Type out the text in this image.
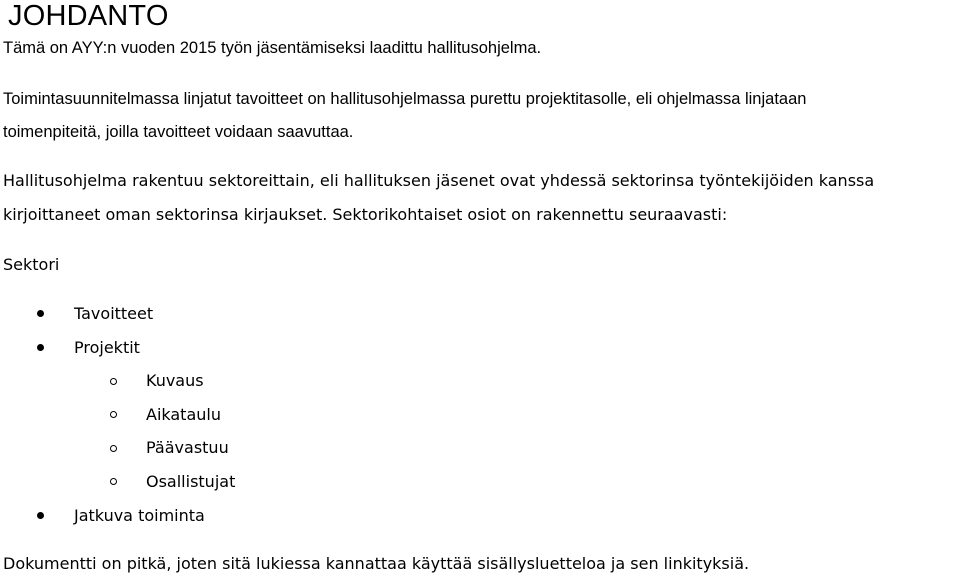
JOHDANTO

Tämä on AYY:n vuoden 2015 työn jäsentämiseksi laadittu hallitusohjelma.

Toimintasuunnitelmassa linjatut tavoitteet on hallitusohjelmassa purettu projektitasolle, eli ohjelmassa linjataan

toimenpiteitä, joilla tavoitteet voidaan saavuttaa.

Hallitusohjelma rakentuu sektoreittain, eli hallituksen jäsenet ovat yhdessä sektorinsa työntekijöiden kanssa

kirjoittaneet oman sektorinsa kirjaukset. Sektorikohtaiset osiot on rakennettu seuraavasti:

Sektori

Tavoitteet
Projektit
Kuvaus
Aikataulu
Päävastuu
Osallistujat
Jatkuva toiminta

Dokumentti on pitkä, joten sitä lukiessa kannattaa käyttää sisällysluetteloa ja sen linkityksiä.
